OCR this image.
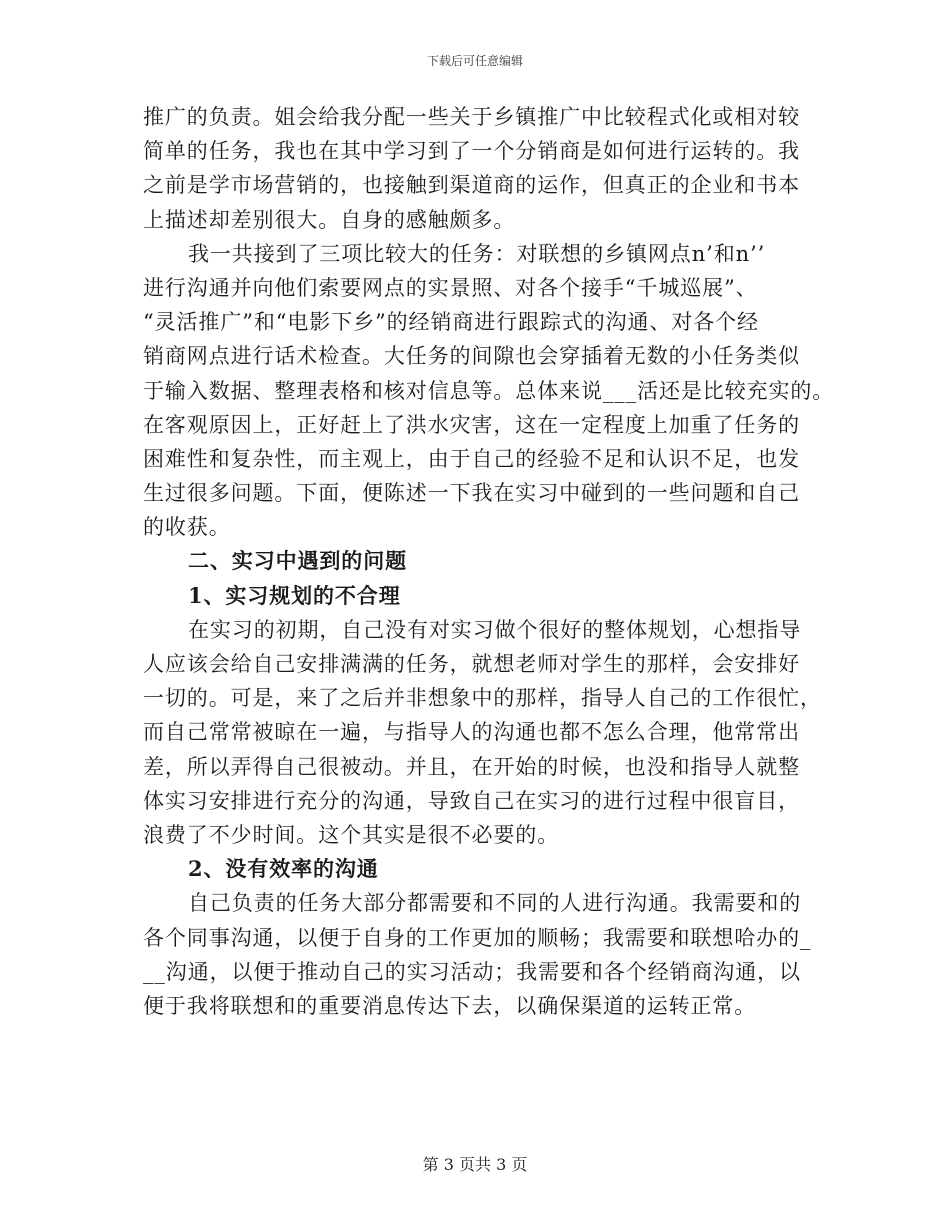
下载后可任意编辑
推广的负责。姐会给我分配一些关于乡镇推广中比较程式化或相对较
简单的任务，我也在其中学习到了一个分销商是如何进行运转的。我
之前是学市场营销的，也接触到渠道商的运作，但真正的企业和书本
上描述却差别很大。自身的感触颇多。
我一共接到了三项比较大的任务：对联想的乡镇网点n’和n’’
进行沟通并向他们索要网点的实景照、对各个接手“千城巡展”、
“灵活推广”和“电影下乡”的经销商进行跟踪式的沟通、对各个经
销商网点进行话术检查。大任务的间隙也会穿插着无数的小任务类似
于输入数据、整理表格和核对信息等。总体来说___活还是比较充实的。
在客观原因上，正好赶上了洪水灾害，这在一定程度上加重了任务的
困难性和复杂性，而主观上，由于自己的经验不足和认识不足，也发
生过很多问题。下面，便陈述一下我在实习中碰到的一些问题和自己
的收获。
二、实习中遇到的问题
1、实习规划的不合理
在实习的初期，自己没有对实习做个很好的整体规划，心想指导
人应该会给自己安排满满的任务，就想老师对学生的那样，会安排好
一切的。可是，来了之后并非想象中的那样，指导人自己的工作很忙，
而自己常常被晾在一遍，与指导人的沟通也都不怎么合理，他常常出
差，所以弄得自己很被动。并且，在开始的时候，也没和指导人就整
体实习安排进行充分的沟通，导致自己在实习的进行过程中很盲目，
浪费了不少时间。这个其实是很不必要的。
2、没有效率的沟通
自己负责的任务大部分都需要和不同的人进行沟通。我需要和的
各个同事沟通，以便于自身的工作更加的顺畅；我需要和联想哈办的_
__沟通，以便于推动自己的实习活动；我需要和各个经销商沟通，以
便于我将联想和的重要消息传达下去，以确保渠道的运转正常。
第 3 页共 3 页
